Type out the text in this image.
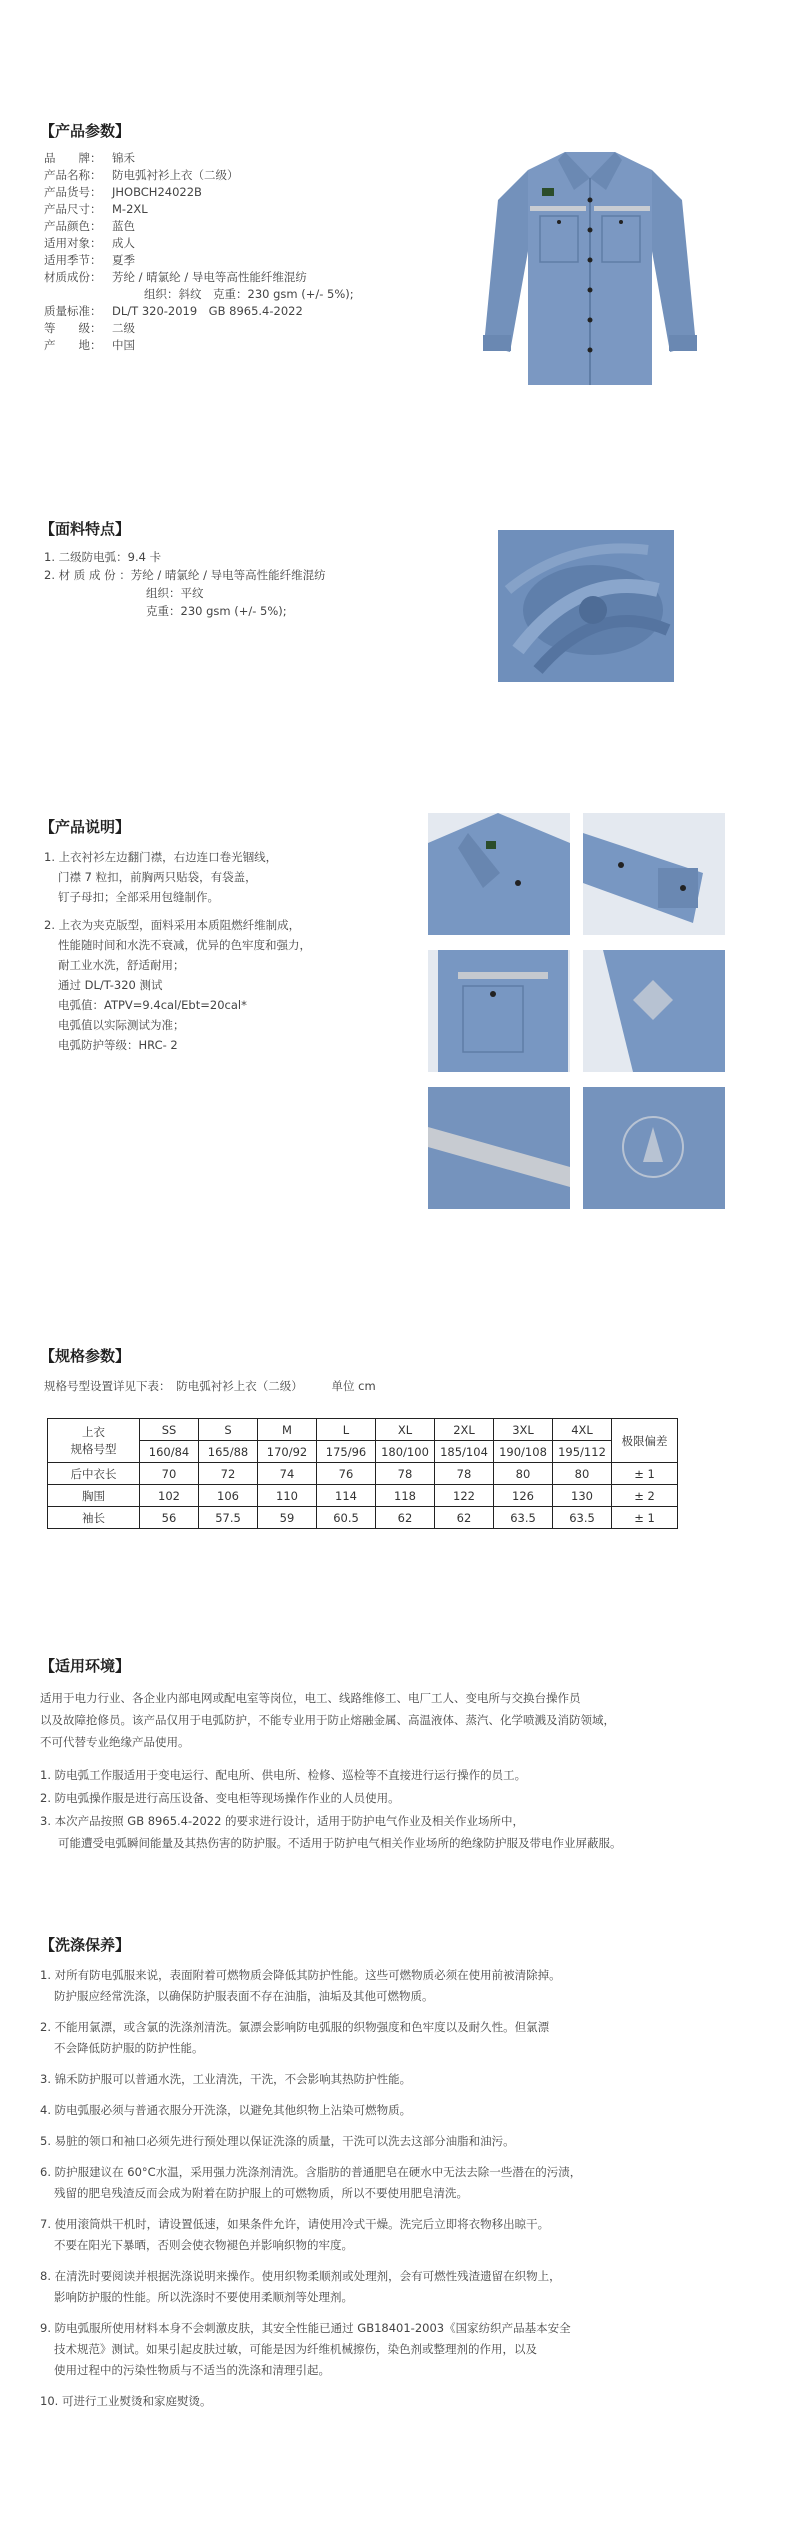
【产品参数】
品　　牌： 锦禾
产品名称： 防电弧衬衫上衣（二级）
产品货号： JHOBCH24022B
产品尺寸： M-2XL
产品颜色： 蓝色
适用对象： 成人
适用季节： 夏季
材质成份： 芳纶 / 晴氯纶 / 导电等高性能纤维混纺
组织：斜纹　克重：230 gsm (+/- 5%);
质量标准： DL/T 320-2019　GB 8965.4-2022
等　　级： 二级
产　　地： 中国
【面料特点】
1. 二级防电弧：9.4 卡
2. 材 质 成 份 ：芳纶 / 晴氯纶 / 导电等高性能纤维混纺
组织：平纹
克重：230 gsm (+/- 5%);
【产品说明】
1. 上衣衬衫左边翻门襟，右边连口卷光锢线，
门襟 7 粒扣，前胸两只贴袋，有袋盖，
钉子母扣；全部采用包缝制作。
2. 上衣为夹克版型，面料采用本质阻燃纤维制成，
性能随时间和水洗不衰减，优异的色牢度和强力，
耐工业水洗，舒适耐用；
通过 DL/T-320 测试
电弧值：ATPV=9.4cal/Ebt=20cal*
电弧值以实际测试为准；
电弧防护等级：HRC- 2
【规格参数】
规格号型设置详见下表：　防电弧衬衫上衣（二级）　　　单位 cm
上衣
规格号型	SS	S	M	L	XL	2XL	3XL	4XL	极限偏差
	160/84	165/88	170/92	175/96	180/100	185/104	190/108	195/112	
后中衣长	70	72	74	76	78	78	80	80	± 1
胸围	102	106	110	114	118	122	126	130	± 2
袖长	56	57.5	59	60.5	62	62	63.5	63.5	± 1
【适用环境】
适用于电力行业、各企业内部电网或配电室等岗位，电工、线路维修工、电厂工人、变电所与交换台操作员
以及故障抢修员。该产品仅用于电弧防护，不能专业用于防止熔融金属、高温液体、蒸汽、化学喷溅及消防领域，
不可代替专业绝缘产品使用。
1. 防电弧工作服适用于变电运行、配电所、供电所、检修、巡检等不直接进行运行操作的员工。
2. 防电弧操作服是进行高压设备、变电柜等现场操作作业的人员使用。
3. 本次产品按照 GB 8965.4-2022 的要求进行设计，适用于防护电气作业及相关作业场所中，
可能遭受电弧瞬间能量及其热伤害的防护服。不适用于防护电气相关作业场所的绝缘防护服及带电作业屏蔽服。
【洗涤保养】
1. 对所有防电弧服来说，表面附着可燃物质会降低其防护性能。这些可燃物质必须在使用前被清除掉。
防护服应经常洗涤，以确保防护服表面不存在油脂，油垢及其他可燃物质。
2. 不能用氯漂，或含氯的洗涤剂清洗。氯漂会影响防电弧服的织物强度和色牢度以及耐久性。但氯漂
不会降低防护服的防护性能。
3. 锦禾防护服可以普通水洗，工业清洗，干洗，不会影响其热防护性能。
4. 防电弧服必须与普通衣服分开洗涤，以避免其他织物上沾染可燃物质。
5. 易脏的领口和袖口必须先进行预处理以保证洗涤的质量，干洗可以洗去这部分油脂和油污。
6. 防护服建议在 60°C水温，采用强力洗涤剂清洗。含脂肪的普通肥皂在硬水中无法去除一些潜在的污渍，
残留的肥皂残渣反而会成为附着在防护服上的可燃物质，所以不要使用肥皂清洗。
7. 使用滚筒烘干机时，请设置低速，如果条件允许，请使用冷式干燥。洗完后立即将衣物移出晾干。
不要在阳光下暴晒，否则会使衣物褪色并影响织物的牢度。
8. 在清洗时要阅读并根据洗涤说明来操作。使用织物柔顺剂或处理剂，会有可燃性残渣遗留在织物上，
影响防护服的性能。所以洗涤时不要使用柔顺剂等处理剂。
9. 防电弧服所使用材料本身不会刺激皮肤，其安全性能已通过 GB18401-2003《国家纺织产品基本安全
技术规范》测试。如果引起皮肤过敏，可能是因为纤维机械擦伤，染色剂或整理剂的作用，以及
使用过程中的污染性物质与不适当的洗涤和清理引起。
10. 可进行工业熨烫和家庭熨烫。
